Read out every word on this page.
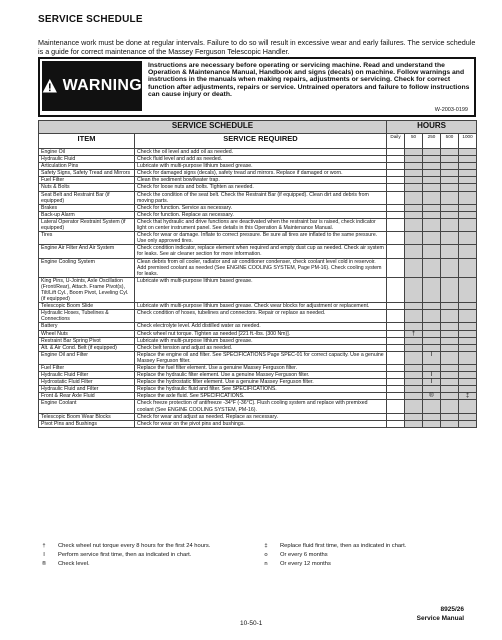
SERVICE SCHEDULE
Maintenance work must be done at regular intervals. Failure to do so will result in excessive wear and early failures. The service schedule is a guide for correct maintenance of the Massey Ferguson Telescopic Handler.
WARNING
Instructions are necessary before operating or servicing machine. Read and understand the Operation & Maintenance Manual, Handbook and signs (decals) on machine. Follow warnings and instructions in the manuals when making repairs, adjustments or servicing. Check for correct function after adjustments, repairs or service. Untrained operators and failure to follow instructions can cause injury or death.
W-2003-0199
SERVICE SCHEDULE		HOURS				
ITEM	SERVICE REQUIRED	Daily	50	250	500	1000
Engine Oil	Check the oil level and add oil as needed.					
Hydraulic Fluid	Check fluid level and add as needed.					
Articulation Pins	Lubricate with multi-purpose lithium based grease.					
Safety Signs, Safety Tread and Mirrors	Check for damaged signs (decals), safety tread and mirrors. Replace if damaged or worn.					
Fuel Filter	Clean the sediment bowl/water trap.					
Nuts & Bolts	Check for loose nuts and bolts. Tighten as needed.					
Seat Belt and Restraint Bar (if equipped)	Check the condition of the seat belt. Check the Restraint Bar (if equipped). Clean dirt and debris from moving parts.					
Brakes	Check for function. Service as necessary.					
Back-up Alarm	Check for function. Replace as necessary.					
Lateral Operator Restraint System (if equipped)	Check that hydraulic and drive functions are deactivated when the restraint bar is raised, check indicator light on center instrument panel. See details in this Operation & Maintenance Manual.					
Tires	Check for wear or damage. Inflate to correct pressure. Be sure all tires are inflated to the same pressure. Use only approved tires.					
Engine Air Filter And Air System	Check condition indicator, replace element when required and empty dust cup as needed. Check air system for leaks. See air cleaner section for more information.					
Engine Cooling System	Clean debris from oil cooler, radiator and air conditioner condenser, check coolant level cold in reservoir. Add premixed coolant as needed (See ENGINE COOLING SYSTEM, Page PM-16). Check cooling system for leaks.					
King Pins, U-Joints, Axle Oscillation (Front/Rear), Attach. Frame Pivot(s), Tilt/Lift Cyl., Boom Pivot, Leveling Cyl. (if equipped)	Lubricate with multi-purpose lithium based grease.					
Telescopic Boom Slide	Lubricate with multi-purpose lithium based grease. Check wear blocks for adjustment or replacement.					
Hydraulic Hoses, Tubelines & Connections	Check condition of hoses, tubelines and connectors. Repair or replace as needed.					
Battery	Check electrolyte level. Add distilled water as needed.					
Wheel Nuts	Check wheel nut torque. Tighten as needed [221 ft.-lbs. (300 Nm)].		†			
Restraint Bar Spring Pivot	Lubricate with multi-purpose lithium based grease.					
Alt. & Air Cond. Belt (if equipped)	Check belt tension and adjust as needed.					
Engine Oil and Filter	Replace the engine oil and filter. See SPECIFICATIONS Page SPEC-01 for correct capacity. Use a genuine Massey Ferguson filter.			I		
Fuel Filter	Replace the fuel filter element. Use a genuine Massey Ferguson filter.					
Hydraulic Fluid Filter	Replace the hydraulic filter element. Use a genuine Massey Ferguson filter.			I		
Hydrostatic Fluid Filter	Replace the hydrostatic filter element. Use a genuine Massey Ferguson filter.			I		
Hydraulic Fluid and Filter	Replace the hydraulic fluid and filter. See SPECIFICATIONS.					
Front & Rear Axle Fluid	Replace the axle fluid. See SPECIFICATIONS.			®		‡
Engine Coolant	Check freeze protection of antifreeze -34°F (-36°C). Flush cooling system and replace with premixed coolant (See ENGINE COOLING SYSTEM, PM-16).					
Telescopic Boom Wear Blocks	Check for wear and adjust as needed. Replace as necessary.					
Pivot Pins and Bushings	Check for wear on the pivot pins and bushings.					
†	Check wheel nut torque every 8 hours for the first 24 hours.
I	Perform service first time, then as indicated in chart.
®	Check level.
‡	Replace fluid first time, then as indicated in chart.
o	Or every 6 months
n	Or every 12 months
10-50-1
8925/26
Service Manual
